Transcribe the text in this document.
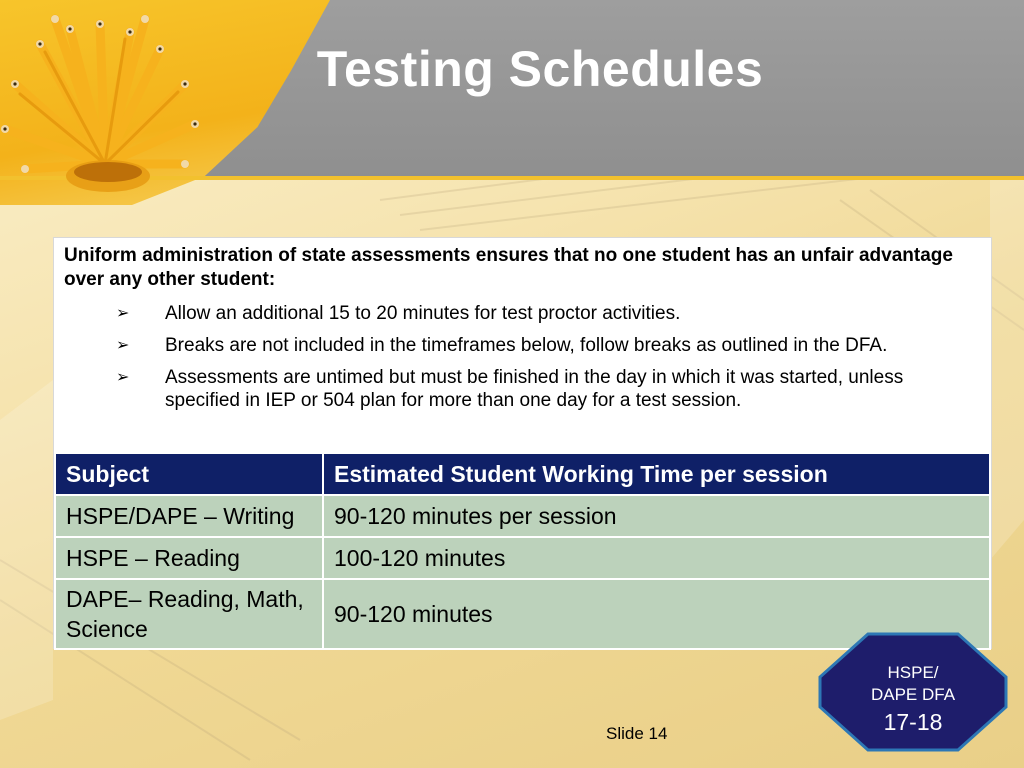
Testing Schedules
Uniform administration of state assessments ensures that no one student has an unfair advantage over any other student:
➢ Allow an additional 15 to 20 minutes for test proctor activities.
➢ Breaks are not included in the timeframes below, follow breaks as outlined in the DFA.
➢ Assessments are untimed but must be finished in the day in which it was started, unless specified in IEP or 504 plan for more than one day for a test session.
Subject	Estimated Student Working Time per session
HSPE/DAPE – Writing	90-120 minutes per session
HSPE – Reading	100-120 minutes
DAPE– Reading, Math, Science	90-120 minutes
Slide 14
HSPE/
DAPE DFA
17-18
